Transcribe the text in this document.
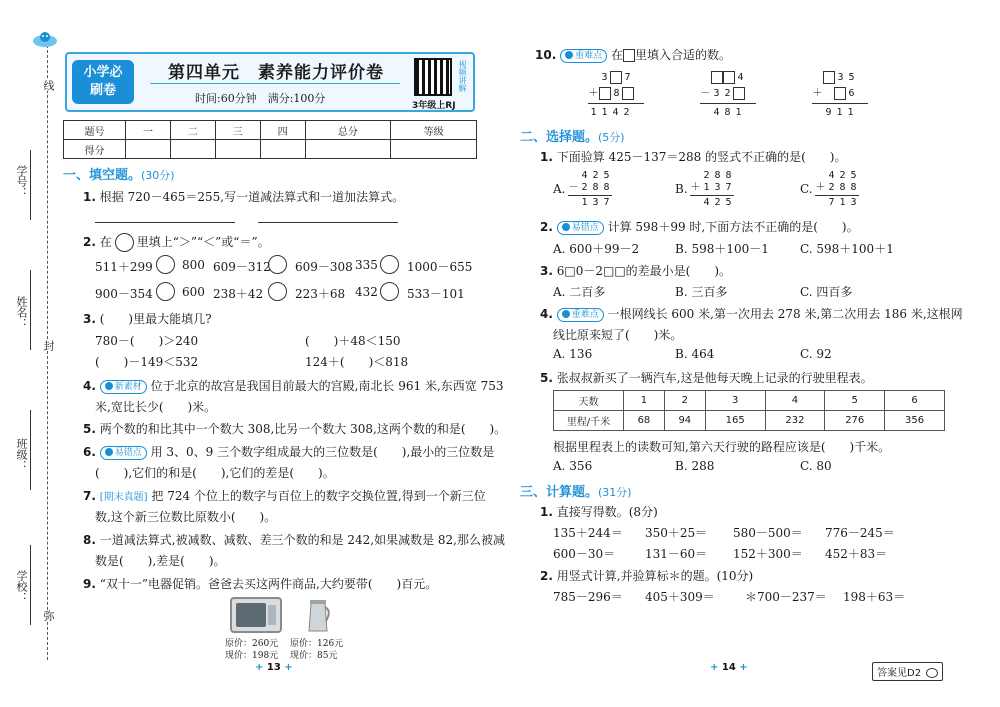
线
学号：
姓名：
封
班级：
学校：
弥
小学必刷卷
第四单元　素养能力评价卷
时间:60分钟　满分:100分
视频讲解
3年级上RJ
题号	一	二	三	四	总分	等级
得分						
一、填空题。(30分)
1. 根据 720－465＝255,写一道减法算式和一道加法算式。
2. 在 里填上“＞”“＜”或“＝”。
511＋299 800 609－312 609－308 335 1000－655
900－354 600 238＋42	223＋68 432 533－101
3. (　　)里最大能填几?
780－(　　)＞240	(　　)＋48＜150
(　　)－149＜532	124＋(　　)＜818
4. 新素材 位于北京的故宫是我国目前最大的宫殿,南北长 961 米,东西宽 753
米,宽比长少(　　)米。
5. 两个数的和比其中一个数大 308,比另一个数大 308,这两个数的和是(　　)。
6. 易错点 用 3、0、9 三个数字组成最大的三位数是(　　),最小的三位数是
(　　),它们的和是(　　),它们的差是(　　)。
7. [期末真题] 把 724 个位上的数字与百位上的数字交换位置,得到一个新三位
数,这个新三位数比原数小(　　)。
8. 一道减法算式,被减数、减数、差三个数的和是 242,如果减数是 82,那么被减
数是(　　),差是(　　)。
9. “双十一”电器促销。爸爸去买这两件商品,大约要带(　　)百元。
原价：260元
现价：198元
原价：126元
现价：85元
+ 13 +
10. 重难点 在 里填入合适的数。
3 7
＋ 8
1 1 4 2
4
－ 3 2
4 8 1
3 5
＋	6
9 1 1
二、选择题。(5分)
1. 下面验算 425－137＝288 的竖式不正确的是(　　)。
A.
4 2 5
－ 2 8 8
1 3 7
B.
2 8 8
＋ 1 3 7
4 2 5
C.
4 2 5
＋ 2 8 8
7 1 3
2. 易错点 计算 598＋99 时,下面方法不正确的是(　　)。
A. 600＋99－2	B. 598＋100－1	C. 598＋100＋1
3. 6□0－2□□的差最小是(　　)。
A. 二百多	B. 三百多	C. 四百多
4. 重难点 一根网线长 600 米,第一次用去 278 米,第二次用去 186 米,这根网
线比原来短了(　　)米。
A. 136	B. 464	C. 92
5. 张叔叔新买了一辆汽车,这是他每天晚上记录的行驶里程表。
天数	1	2	3	4	5	6
里程/千米	68	94	165	232	276	356
根据里程表上的读数可知,第六天行驶的路程应该是(　　)千米。
A. 356	B. 288	C. 80
三、计算题。(31分)
1. 直接写得数。(8分)
135＋244＝ 350＋25＝ 580－500＝ 776－245＝
600－30＝ 131－60＝ 152＋300＝ 452＋83＝
2. 用竖式计算,并验算标＊的题。(10分)
785－296＝ 405＋309＝	＊700－237＝ 198＋63＝
+ 14 +
答案见D2
